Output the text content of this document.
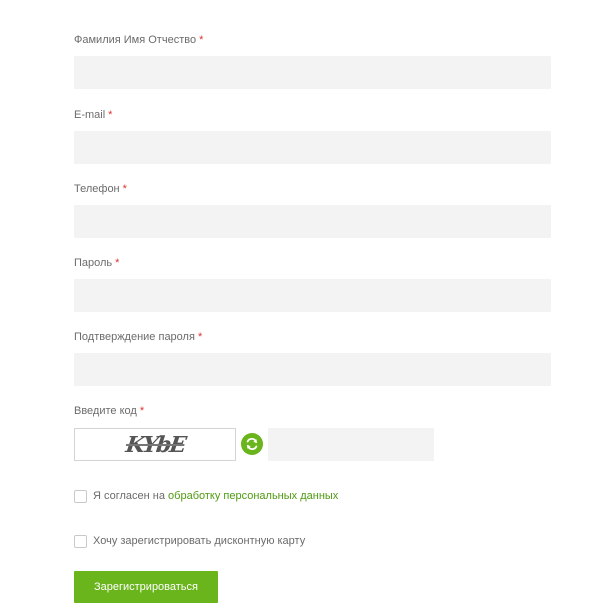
Фамилия Имя Отчество *
E-mail *
Телефон *
Пароль *
Подтверждение пароля *
Введите код *
KYbE
Я согласен на обработку персональных данных
Хочу зарегистрировать дисконтную карту
Зарегистрироваться
